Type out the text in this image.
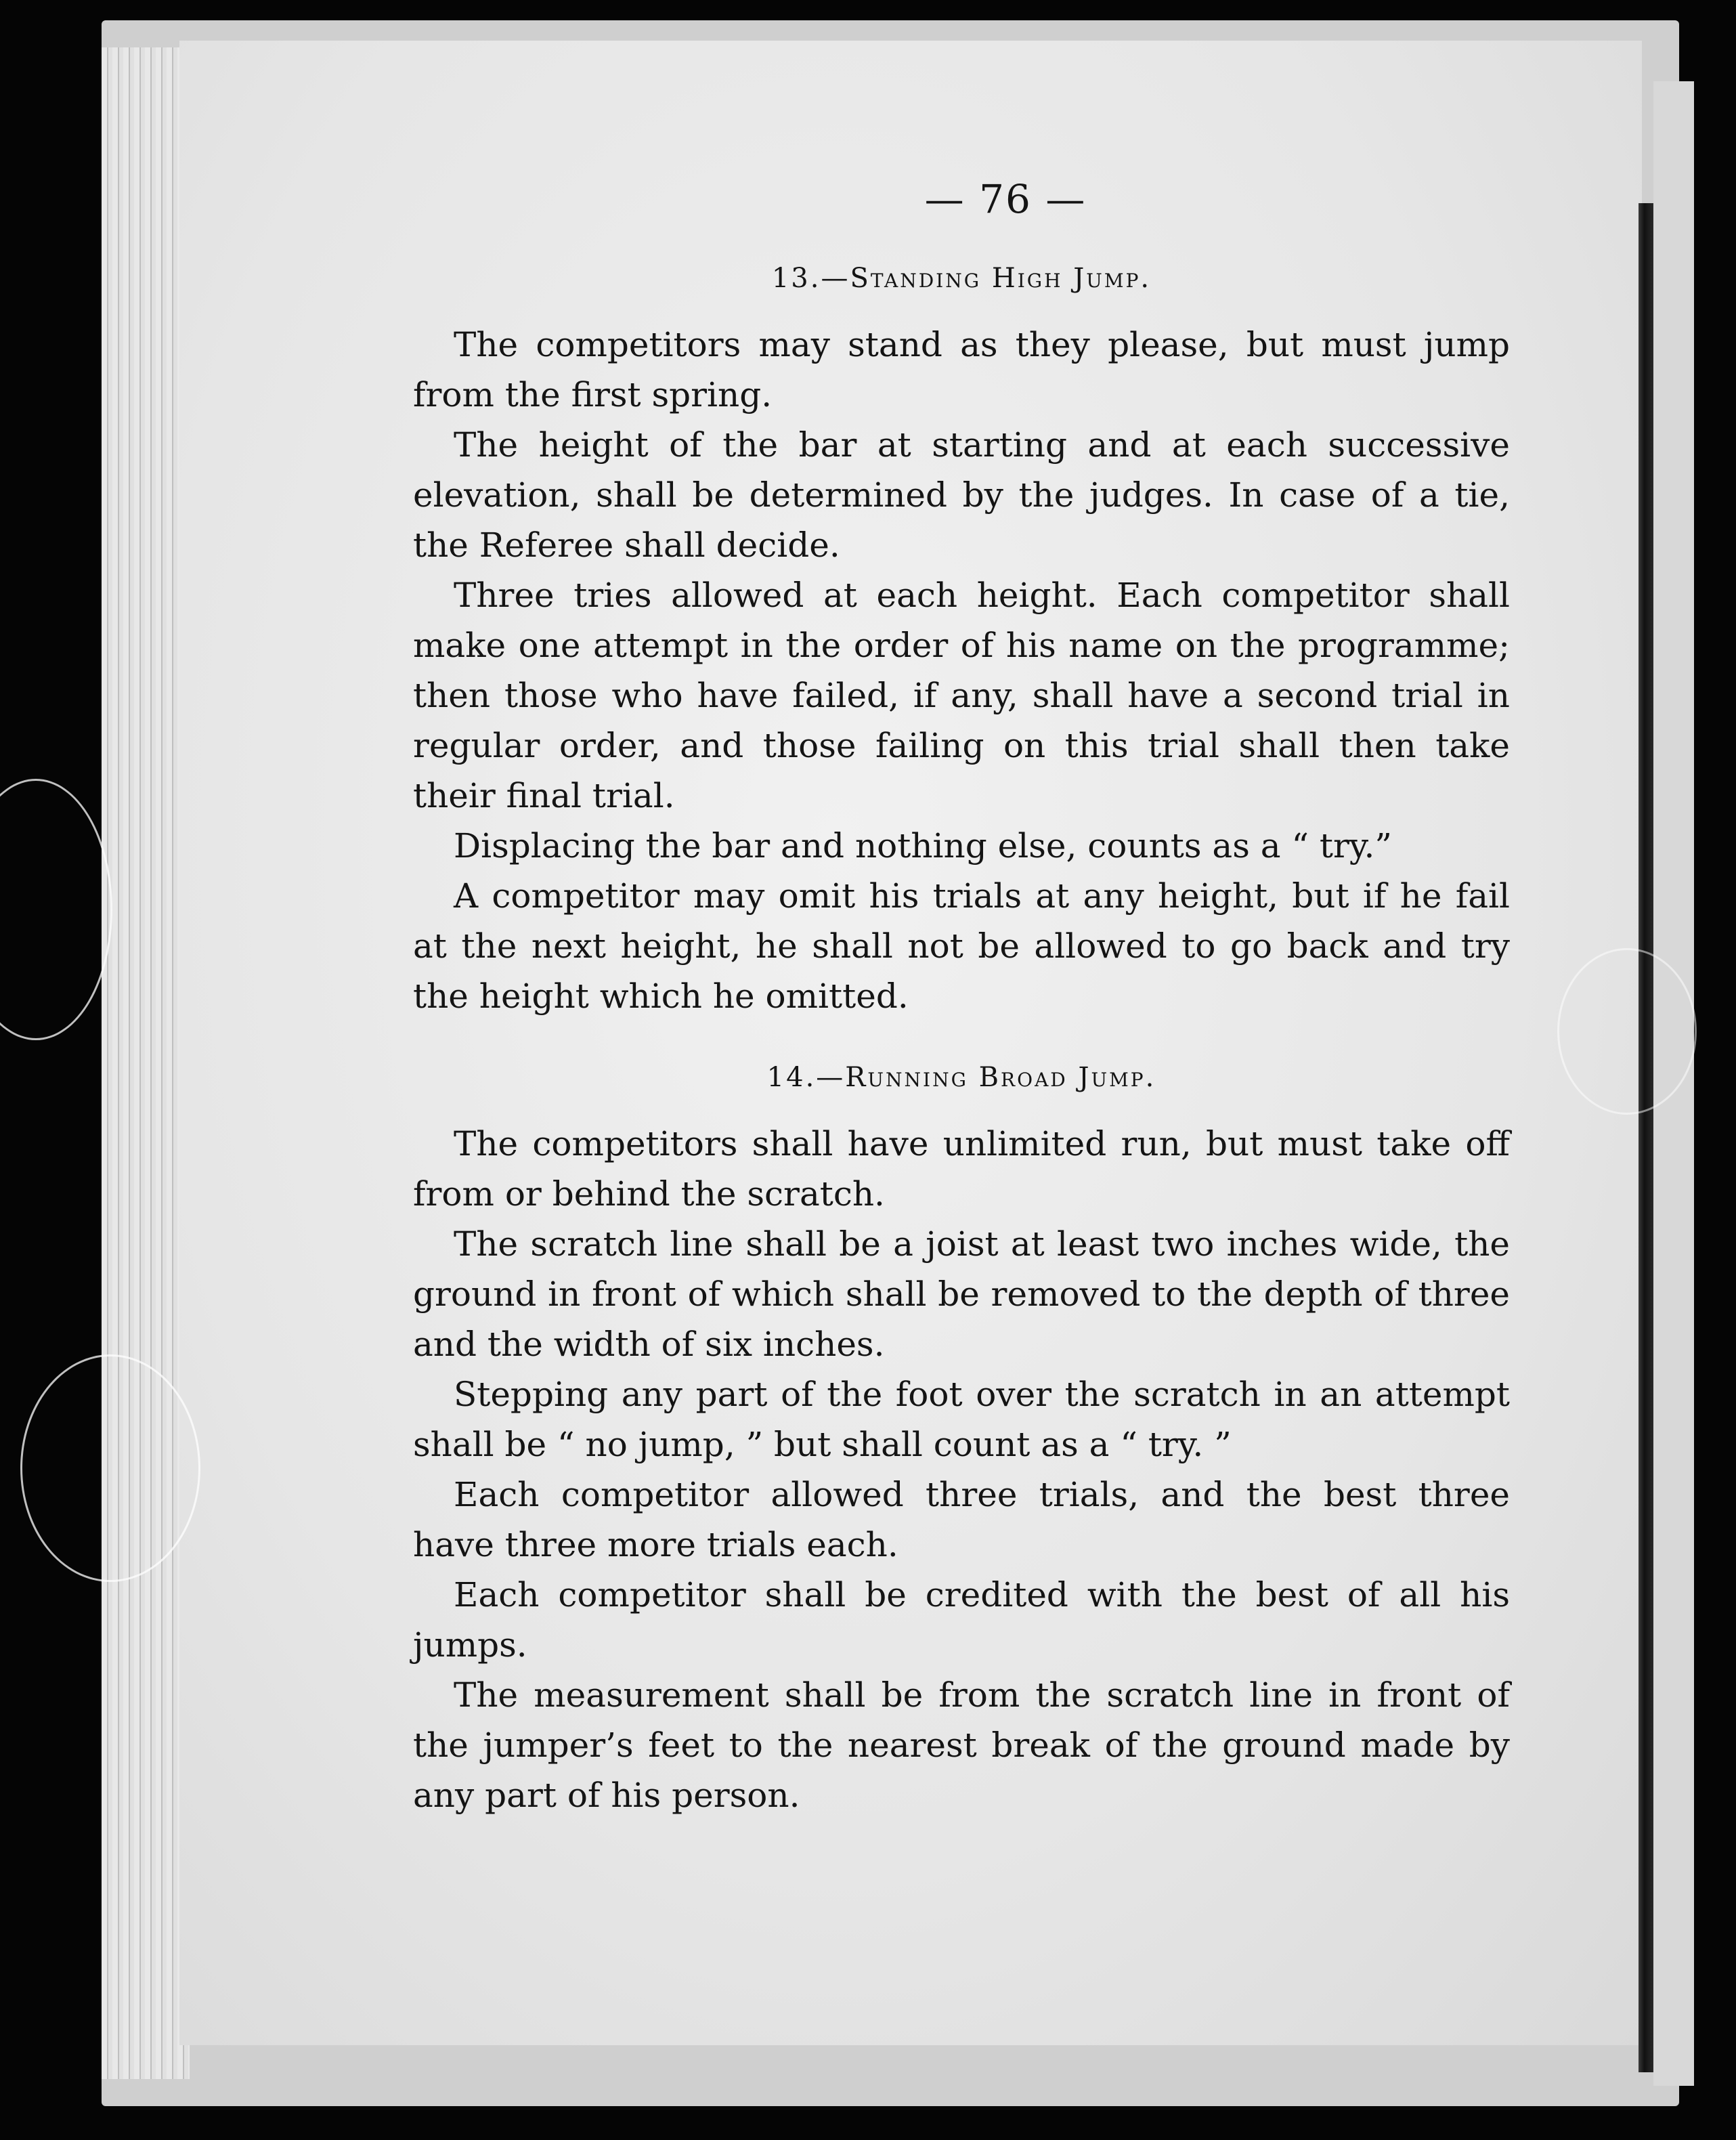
— 76 —
13.—Standing High Jump.

The competitors may stand as they please, but must jump from the first spring.

The height of the bar at starting and at each successive elevation, shall be determined by the judges. In case of a tie, the Referee shall decide.

Three tries allowed at each height. Each competitor shall make one attempt in the order of his name on the programme; then those who have failed, if any, shall have a second trial in regular order, and those failing on this trial shall then take their final trial.

Displacing the bar and nothing else, counts as a “ try.”

A competitor may omit his trials at any height, but if he fail at the next height, he shall not be allowed to go back and try the height which he omitted.

14.—Running Broad Jump.

The competitors shall have unlimited run, but must take off from or behind the scratch.

The scratch line shall be a joist at least two inches wide, the ground in front of which shall be removed to the depth of three and the width of six inches.

Stepping any part of the foot over the scratch in an attempt shall be “ no jump, ” but shall count as a “ try. ”

Each competitor allowed three trials, and the best three have three more trials each.

Each competitor shall be credited with the best of all his jumps.

The measurement shall be from the scratch line in front of the jumper’s feet to the nearest break of the ground made by any part of his person.
